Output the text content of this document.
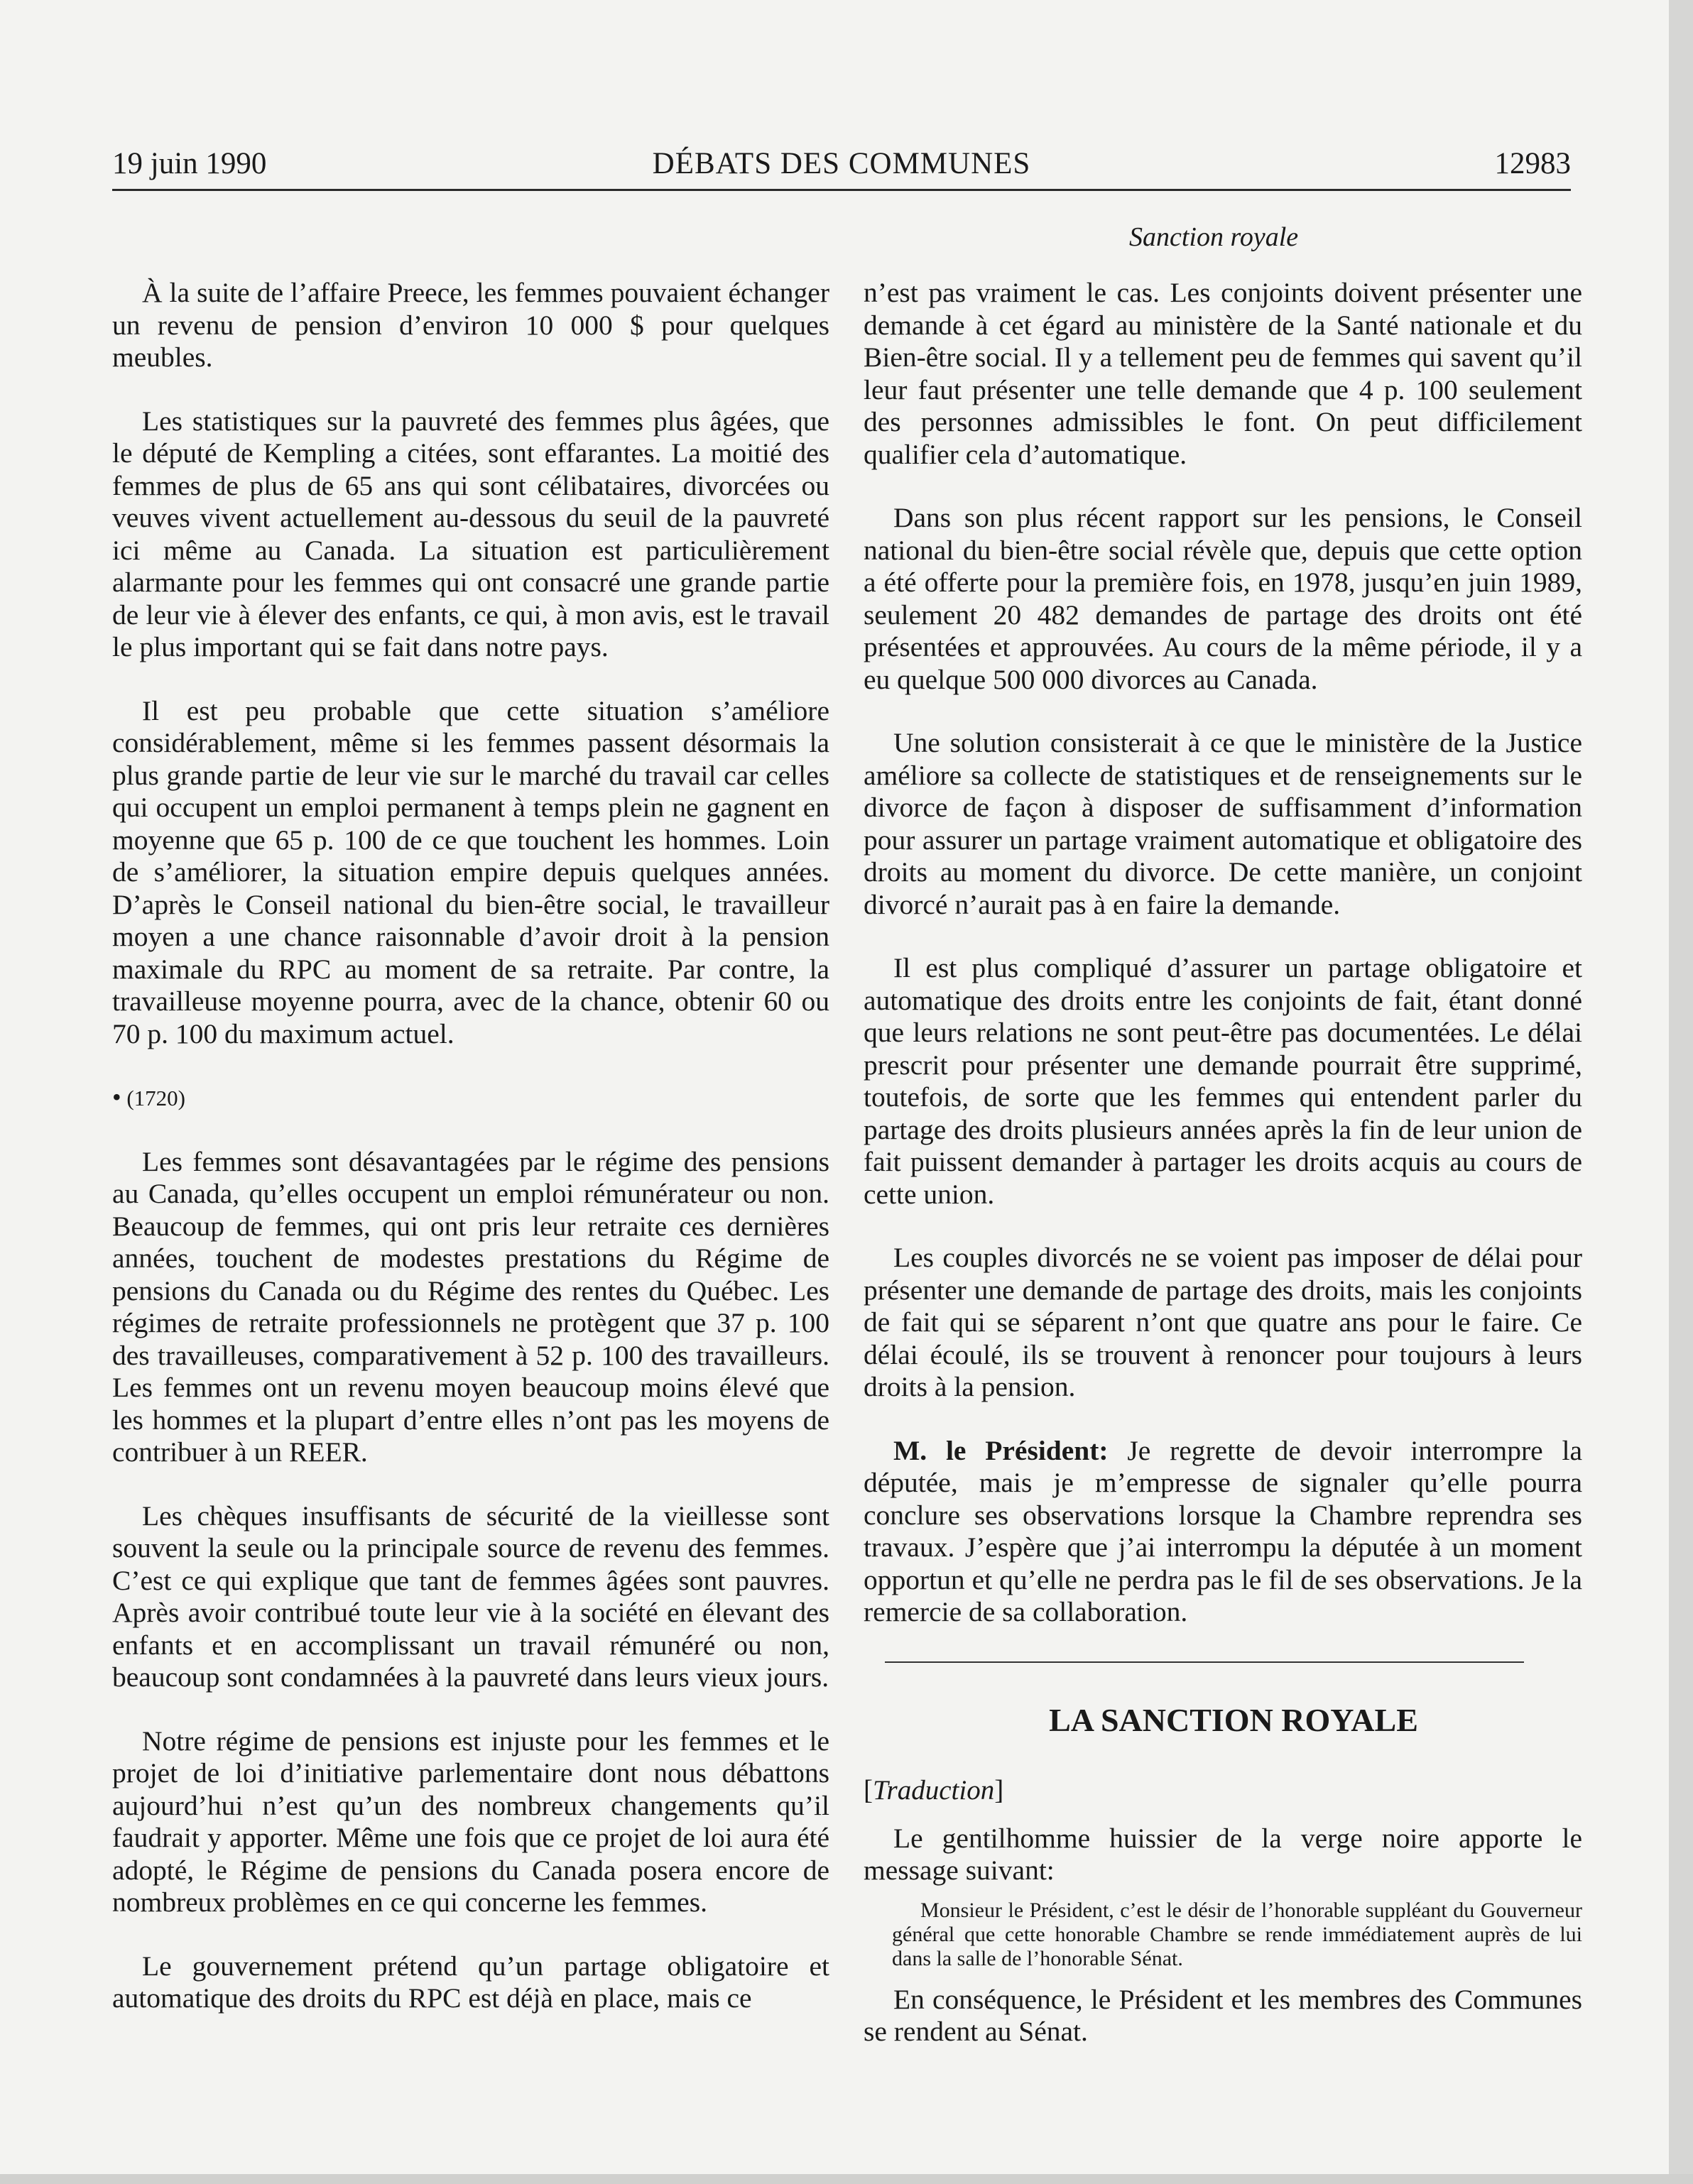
19 juin 1990	DÉBATS DES COMMUNES	12983
Sanction royale

À la suite de l’affaire Preece, les femmes pouvaient échanger un revenu de pension d’environ 10 000 $ pour quelques meubles.

Les statistiques sur la pauvreté des femmes plus âgées, que le député de Kempling a citées, sont effarantes. La moitié des femmes de plus de 65 ans qui sont célibataires, divorcées ou veuves vivent actuellement au-dessous du seuil de la pauvreté ici même au Canada. La situation est particulièrement alarmante pour les femmes qui ont consacré une grande partie de leur vie à élever des enfants, ce qui, à mon avis, est le travail le plus important qui se fait dans notre pays.

Il est peu probable que cette situation s’améliore considérablement, même si les femmes passent désormais la plus grande partie de leur vie sur le marché du travail car celles qui occupent un emploi permanent à temps plein ne gagnent en moyenne que 65 p. 100 de ce que touchent les hommes. Loin de s’améliorer, la situation empire depuis quelques années. D’après le Conseil national du bien-être social, le travailleur moyen a une chance raisonnable d’avoir droit à la pension maximale du RPC au moment de sa retraite. Par contre, la travailleuse moyenne pourra, avec de la chance, obtenir 60 ou 70 p. 100 du maximum actuel.

• (1720)

Les femmes sont désavantagées par le régime des pensions au Canada, qu’elles occupent un emploi rémunérateur ou non. Beaucoup de femmes, qui ont pris leur retraite ces dernières années, touchent de modestes prestations du Régime de pensions du Canada ou du Régime des rentes du Québec. Les régimes de retraite professionnels ne protègent que 37 p. 100 des travailleuses, comparativement à 52 p. 100 des travailleurs. Les femmes ont un revenu moyen beaucoup moins élevé que les hommes et la plupart d’entre elles n’ont pas les moyens de contribuer à un REER.

Les chèques insuffisants de sécurité de la vieillesse sont souvent la seule ou la principale source de revenu des femmes. C’est ce qui explique que tant de femmes âgées sont pauvres. Après avoir contribué toute leur vie à la société en élevant des enfants et en accomplissant un travail rémunéré ou non, beaucoup sont condamnées à la pauvreté dans leurs vieux jours.

Notre régime de pensions est injuste pour les femmes et le projet de loi d’initiative parlementaire dont nous débattons aujourd’hui n’est qu’un des nombreux changements qu’il faudrait y apporter. Même une fois que ce projet de loi aura été adopté, le Régime de pensions du Canada posera encore de nombreux problèmes en ce qui concerne les femmes.

Le gouvernement prétend qu’un partage obligatoire et automatique des droits du RPC est déjà en place, mais ce

n’est pas vraiment le cas. Les conjoints doivent présenter une demande à cet égard au ministère de la Santé nationale et du Bien-être social. Il y a tellement peu de femmes qui savent qu’il leur faut présenter une telle demande que 4 p. 100 seulement des personnes admissibles le font. On peut difficilement qualifier cela d’automatique.

Dans son plus récent rapport sur les pensions, le Conseil national du bien-être social révèle que, depuis que cette option a été offerte pour la première fois, en 1978, jusqu’en juin 1989, seulement 20 482 demandes de partage des droits ont été présentées et approuvées. Au cours de la même période, il y a eu quelque 500 000 divorces au Canada.

Une solution consisterait à ce que le ministère de la Justice améliore sa collecte de statistiques et de renseignements sur le divorce de façon à disposer de suffisamment d’information pour assurer un partage vraiment automatique et obligatoire des droits au moment du divorce. De cette manière, un conjoint divorcé n’aurait pas à en faire la demande.

Il est plus compliqué d’assurer un partage obligatoire et automatique des droits entre les conjoints de fait, étant donné que leurs relations ne sont peut-être pas documentées. Le délai prescrit pour présenter une demande pourrait être supprimé, toutefois, de sorte que les femmes qui entendent parler du partage des droits plusieurs années après la fin de leur union de fait puissent demander à partager les droits acquis au cours de cette union.

Les couples divorcés ne se voient pas imposer de délai pour présenter une demande de partage des droits, mais les conjoints de fait qui se séparent n’ont que quatre ans pour le faire. Ce délai écoulé, ils se trouvent à renoncer pour toujours à leurs droits à la pension.

M. le Président: Je regrette de devoir interrompre la députée, mais je m’empresse de signaler qu’elle pourra conclure ses observations lorsque la Chambre reprendra ses travaux. J’espère que j’ai interrompu la députée à un moment opportun et qu’elle ne perdra pas le fil de ses observations. Je la remercie de sa collaboration.

LA SANCTION ROYALE
[Traduction]

Le gentilhomme huissier de la verge noire apporte le message suivant:

Monsieur le Président, c’est le désir de l’honorable suppléant du Gouverneur général que cette honorable Chambre se rende immédiatement auprès de lui dans la salle de l’honorable Sénat.

En conséquence, le Président et les membres des Communes se rendent au Sénat.
